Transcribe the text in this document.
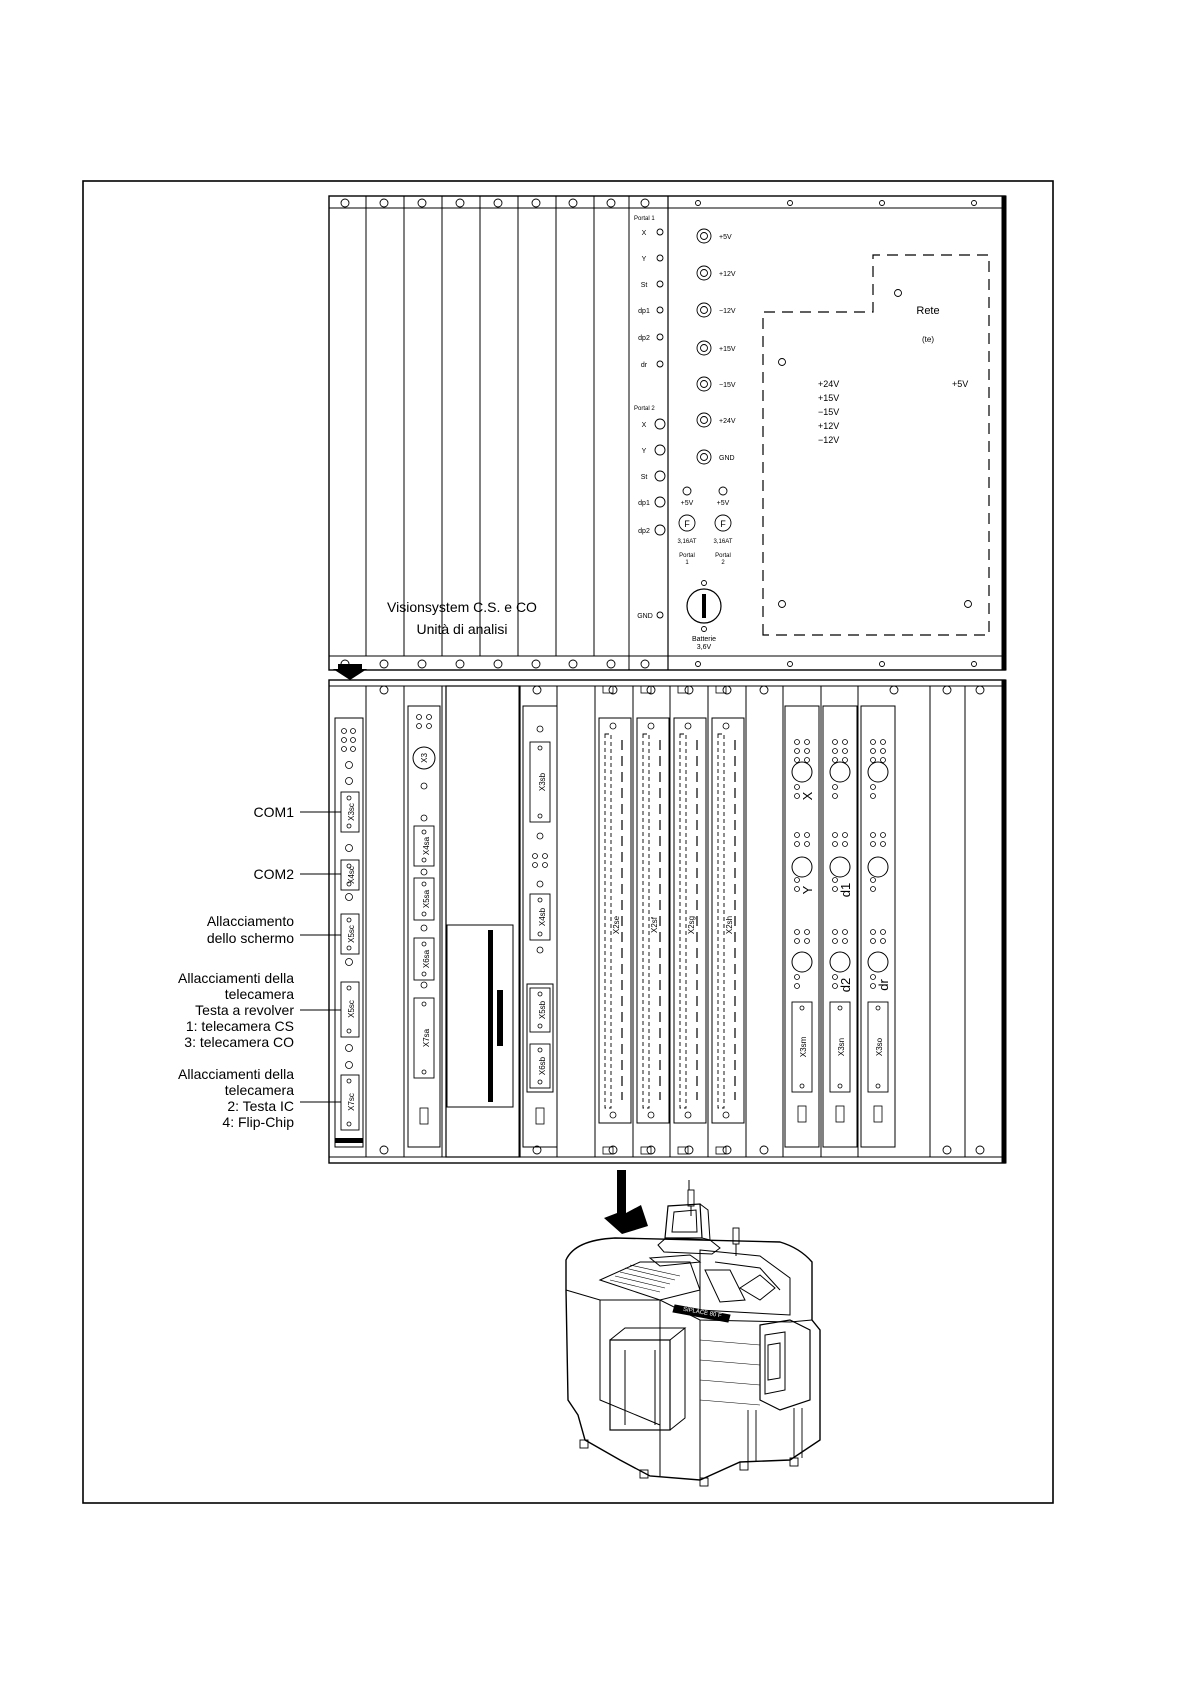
Visionsystem C.S. e CO
Unità di analisi
Portal 1
X
Y
St
dp1
dp2
dr
Portal 2
X
Y
St
dp1
dp2
GND
+5V
+12V
−12V
+15V
−15V
+24V
GND
+5V
F
3,16AT
Portal
1
+5V
F
3,16AT
Portal
2
Batterie
3,6V
Rete
(te)
+24V
+15V
−15V
+12V
−12V
+5V
X3sc
X4sc
X5sc
X5sc
X7sc
X3
X4sa
X5sa
X6sa
X7sa
X3sb
X4sb
X5sb
X6sb
X2se	X2sf	X2sg	X2sh
X
Y
X3sm
d1
d2
X3sn
dr
X3so
COM1
COM2
Allacciamento
dello schermo
Allacciamenti della
telecamera
Testa a revolver
1: telecamera CS
3: telecamera CO
Allacciamenti della
telecamera
2: Testa IC
4: Flip-Chip
SIPLACE 80 F
